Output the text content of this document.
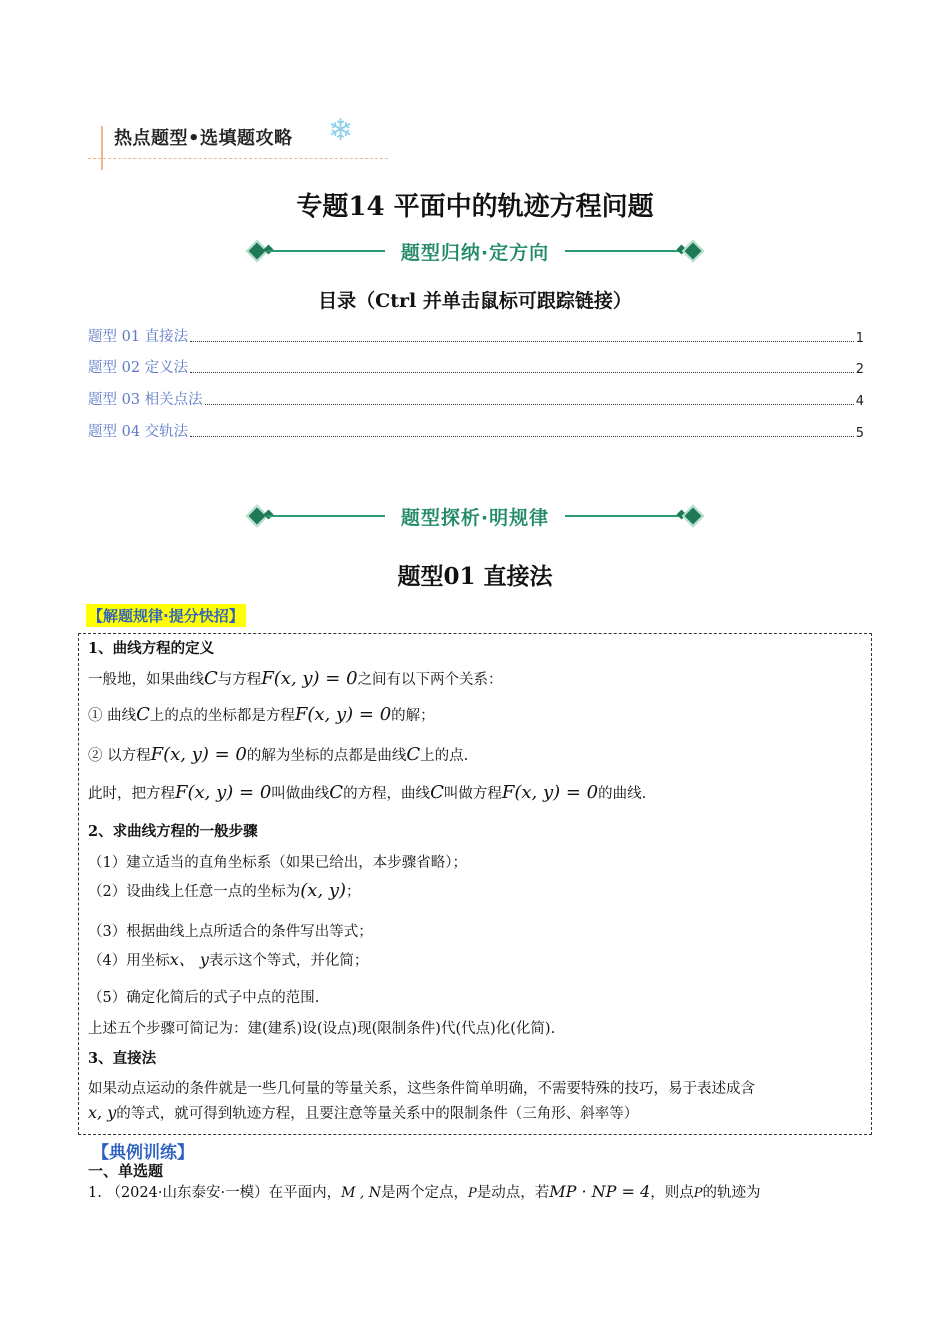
热点题型•选填题攻略 ❄
专题14 平面中的轨迹方程问题
题型归纳·定方向
目录（Ctrl 并单击鼠标可跟踪链接）
题型 01 直接法	1
题型 02 定义法	2
题型 03 相关点法	4
题型 04 交轨法	5
题型探析·明规律
题型01 直接法
【解题规律·提分快招】
1、曲线方程的定义
一般地，如果曲线C与方程F(x, y) = 0之间有以下两个关系：
① 曲线C上的点的坐标都是方程F(x, y) = 0的解；
② 以方程F(x, y) = 0的解为坐标的点都是曲线C上的点.
此时，把方程F(x, y) = 0叫做曲线C的方程，曲线C叫做方程F(x, y) = 0的曲线.
2、求曲线方程的一般步骤
（1）建立适当的直角坐标系（如果已给出，本步骤省略）；
（2）设曲线上任意一点的坐标为(x, y)；
（3）根据曲线上点所适合的条件写出等式；
（4）用坐标x、 y表示这个等式，并化简；
（5）确定化简后的式子中点的范围.
上述五个步骤可简记为：建(建系)设(设点)现(限制条件)代(代点)化(化简).
3、直接法
如果动点运动的条件就是一些几何量的等量关系，这些条件简单明确，不需要特殊的技巧，易于表述成含
x, y的等式，就可得到轨迹方程，且要注意等量关系中的限制条件（三角形、斜率等）
【典例训练】
一、单选题
1. （2024·山东泰安·一模）在平面内，M , N是两个定点，P是动点，若MP · NP = 4，则点P的轨迹为
